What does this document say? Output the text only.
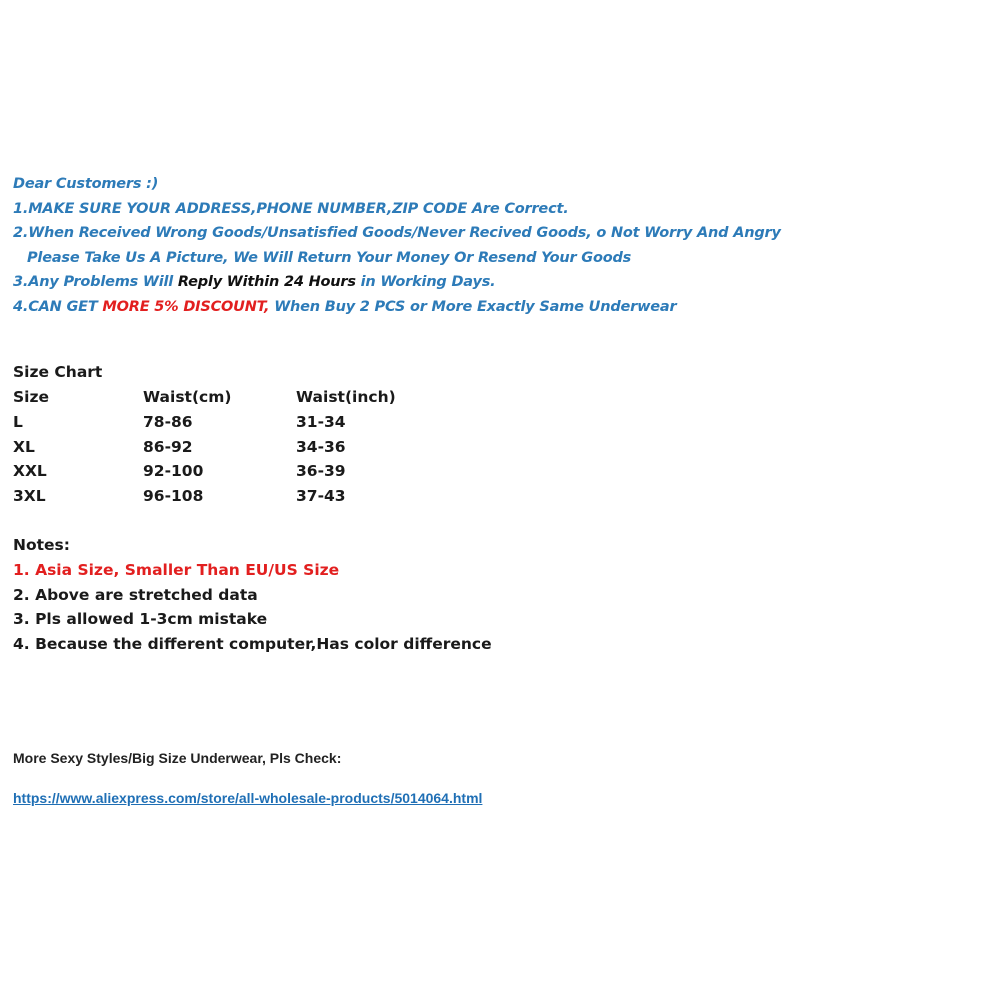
Dear Customers :)
1.MAKE SURE YOUR ADDRESS,PHONE NUMBER,ZIP CODE Are Correct.
2.When Received Wrong Goods/Unsatisfied Goods/Never Recived Goods, o Not Worry And Angry
Please Take Us A Picture, We Will Return Your Money Or Resend Your Goods
3.Any Problems Will Reply Within 24 Hours in Working Days.
4.CAN GET MORE 5% DISCOUNT, When Buy 2 PCS or More Exactly Same Underwear
Size Chart
Size	Waist(cm)	Waist(inch)
L	78-86	31-34
XL	86-92	34-36
XXL	92-100	36-39
3XL	96-108	37-43
Notes:
1. Asia Size, Smaller Than EU/US Size
2. Above are stretched data
3. Pls allowed 1-3cm mistake
4. Because the different computer,Has color difference
More Sexy Styles/Big Size Underwear, Pls Check:
https://www.aliexpress.com/store/all-wholesale-products/5014064.html
